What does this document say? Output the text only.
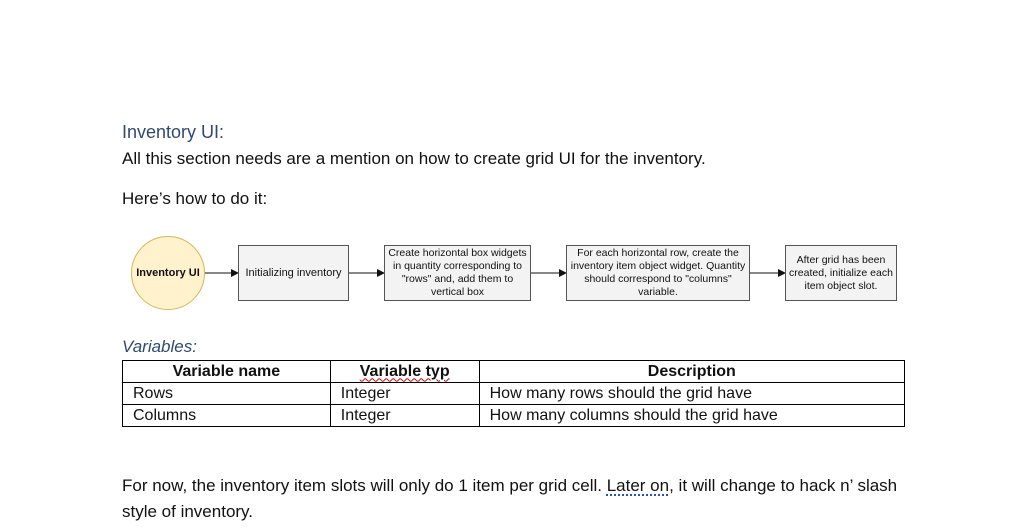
Inventory UI:
All this section needs are a mention on how to create grid UI for the inventory.
Here’s how to do it:
Inventory UI	Initializing inventory
Create horizontal box widgets in quantity corresponding to "rows" and, add them to vertical box
For each horizontal row, create the inventory item object widget. Quantity should correspond to "columns" variable.
After grid has been created, initialize each item object slot.
Variables:
Variable name	Variable typ	Description
Rows	Integer	How many rows should the grid have
Columns	Integer	How many columns should the grid have
For now, the inventory item slots will only do 1 item per grid cell. Later on, it will change to hack n’ slash style of inventory.
